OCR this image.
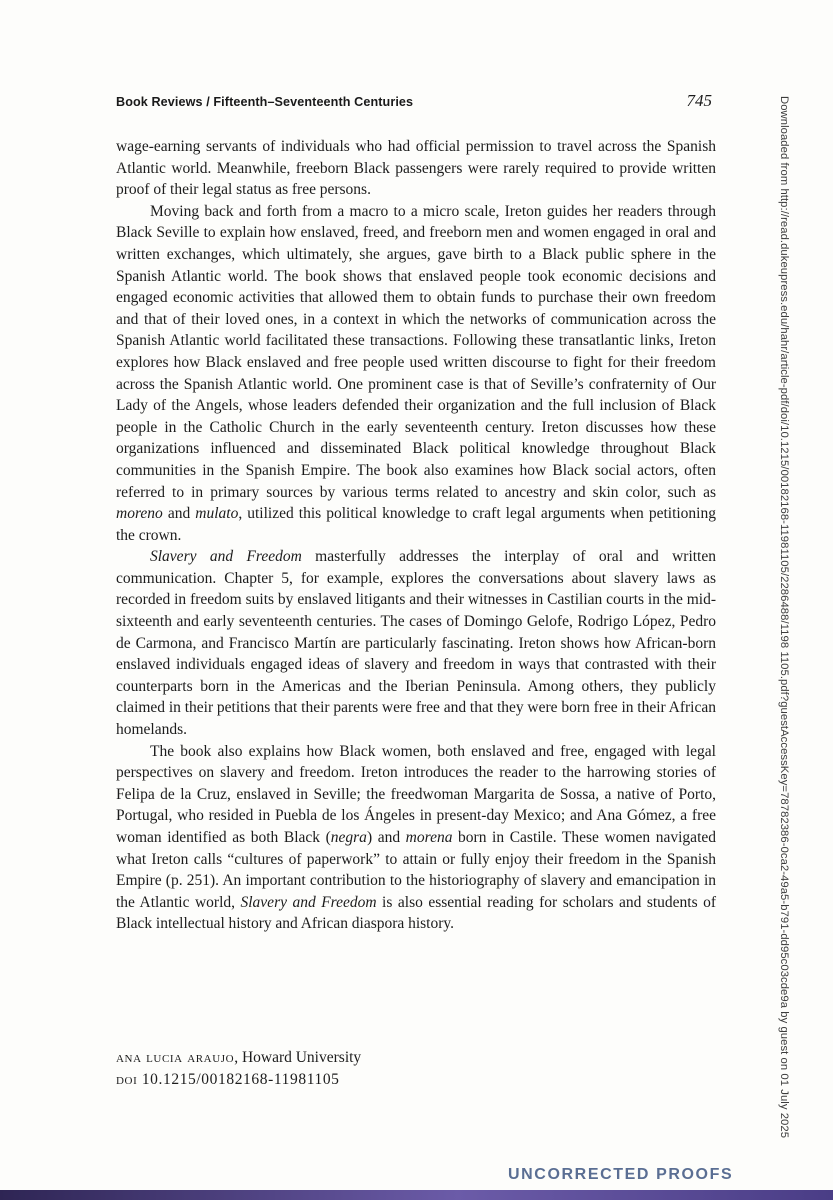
Book Reviews / Fifteenth–Seventeenth Centuries	745

wage-earning servants of individuals who had official permission to travel across the Spanish Atlantic world. Meanwhile, freeborn Black passengers were rarely required to provide written proof of their legal status as free persons.

Moving back and forth from a macro to a micro scale, Ireton guides her readers through Black Seville to explain how enslaved, freed, and freeborn men and women engaged in oral and written exchanges, which ultimately, she argues, gave birth to a Black public sphere in the Spanish Atlantic world. The book shows that enslaved people took economic decisions and engaged economic activities that allowed them to obtain funds to purchase their own freedom and that of their loved ones, in a context in which the networks of communication across the Spanish Atlantic world facilitated these transactions. Following these transatlantic links, Ireton explores how Black enslaved and free people used written discourse to fight for their freedom across the Spanish Atlantic world. One prominent case is that of Seville’s confraternity of Our Lady of the Angels, whose leaders defended their organization and the full inclusion of Black people in the Catholic Church in the early seventeenth century. Ireton discusses how these organizations influenced and disseminated Black political knowledge throughout Black communities in the Spanish Empire. The book also examines how Black social actors, often referred to in primary sources by various terms related to ancestry and skin color, such as moreno and mulato, utilized this political knowledge to craft legal arguments when petitioning the crown.

Slavery and Freedom masterfully addresses the interplay of oral and written communication. Chapter 5, for example, explores the conversations about slavery laws as recorded in freedom suits by enslaved litigants and their witnesses in Castilian courts in the mid-sixteenth and early seventeenth centuries. The cases of Domingo Gelofe, Rodrigo López, Pedro de Carmona, and Francisco Martín are particularly fascinating. Ireton shows how African-born enslaved individuals engaged ideas of slavery and freedom in ways that contrasted with their counterparts born in the Americas and the Iberian Peninsula. Among others, they publicly claimed in their petitions that their parents were free and that they were born free in their African homelands.

The book also explains how Black women, both enslaved and free, engaged with legal perspectives on slavery and freedom. Ireton introduces the reader to the harrowing stories of Felipa de la Cruz, enslaved in Seville; the freedwoman Margarita de Sossa, a native of Porto, Portugal, who resided in Puebla de los Ángeles in present-day Mexico; and Ana Gómez, a free woman identified as both Black (negra) and morena born in Castile. These women navigated what Ireton calls “cultures of paperwork” to attain or fully enjoy their freedom in the Spanish Empire (p. 251). An important contribution to the historiography of slavery and emancipation in the Atlantic world, Slavery and Freedom is also essential reading for scholars and students of Black intellectual history and African diaspora history.

ana lucia araujo, Howard University
doi 10.1215/00182168-11981105	Downloaded from http://read.dukeupress.edu/hahr/article-pdf/doi/10.1215/00182168-11981105/2286488/1198 1105.pdf?guestAccessKey=78782386-0ca2-49a5-b791-dd95c03cde9a by guest on 01 July 2025
UNCORRECTED PROOFS
